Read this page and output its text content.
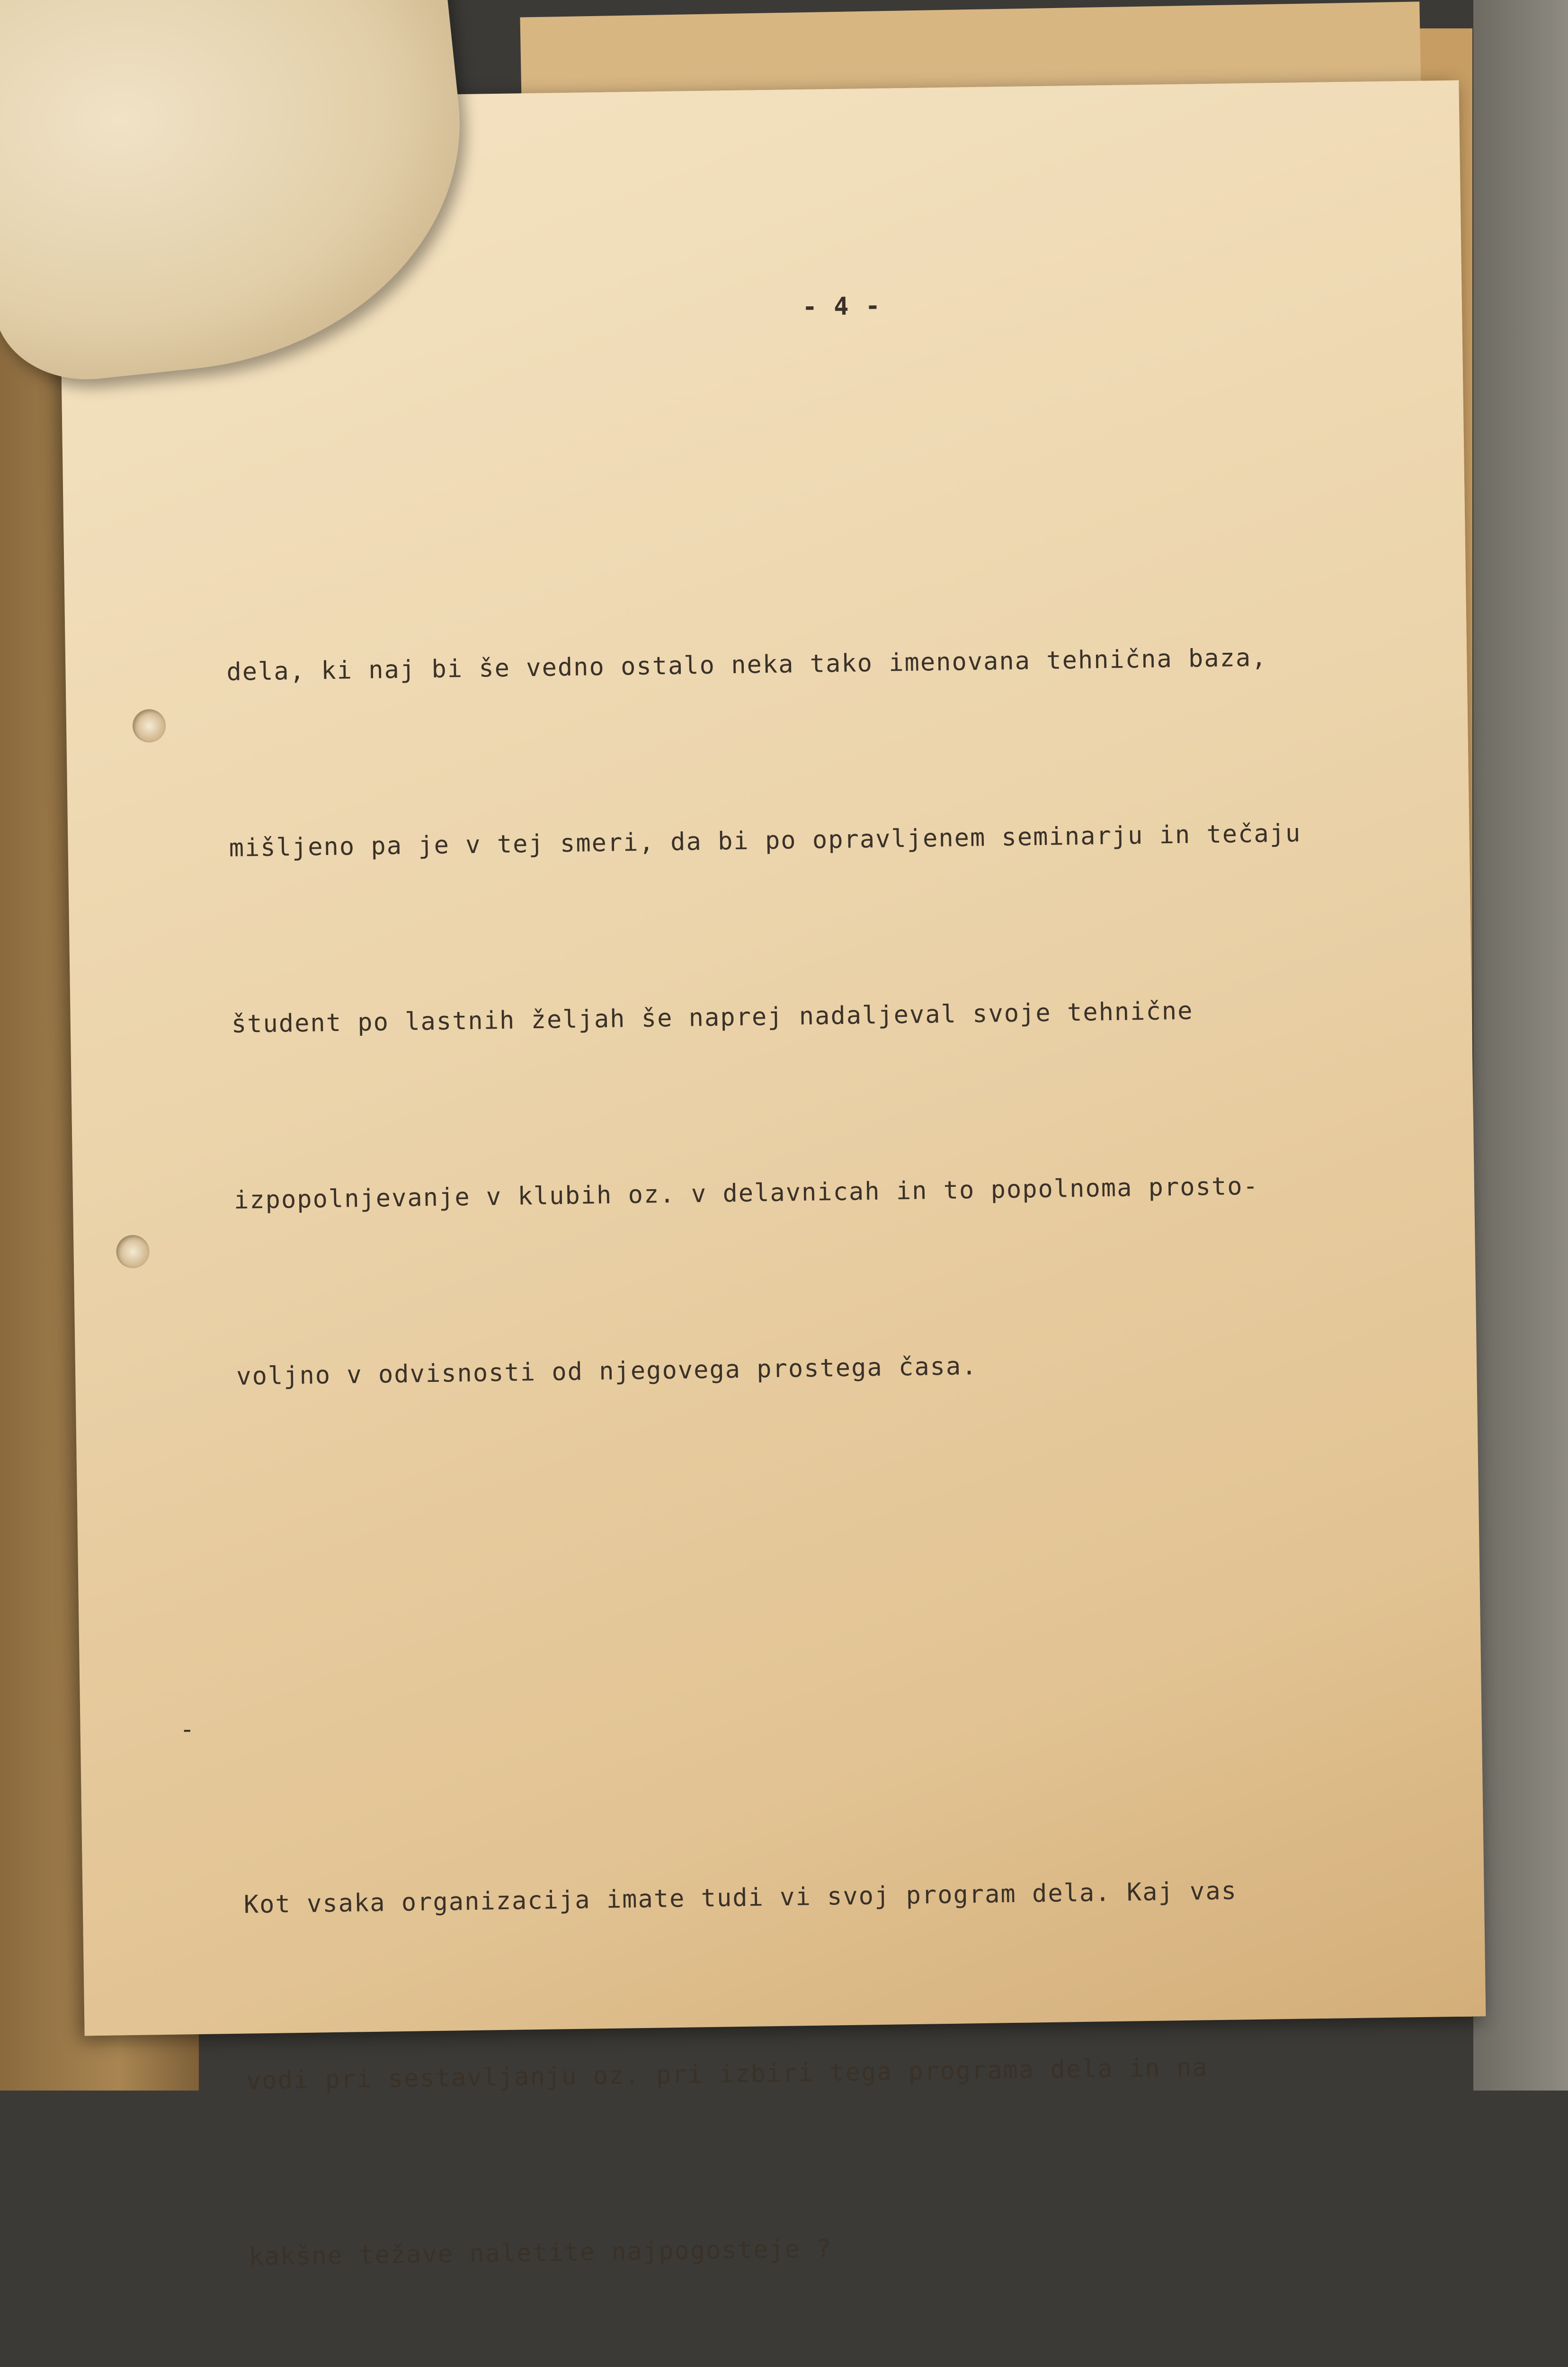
- 4 -

dela, ki naj bi še vedno ostalo neka tako imenovana tehnična baza,

mišljeno pa je v tej smeri, da bi po opravljenem seminarju in tečaju

študent po lastnih željah še naprej nadaljeval svoje tehnične

izpopolnjevanje v klubih oz. v delavnicah in to popolnoma prosto-

voljno v odvisnosti od njegovega prostega časa.

-

Kot vsaka organizacija imate tudi vi svoj program dela. Kaj vas

vodi pri sestavljanju oz. pri izbiri tega programa dela in na

kakšne težave naletite najpogosteje ?
